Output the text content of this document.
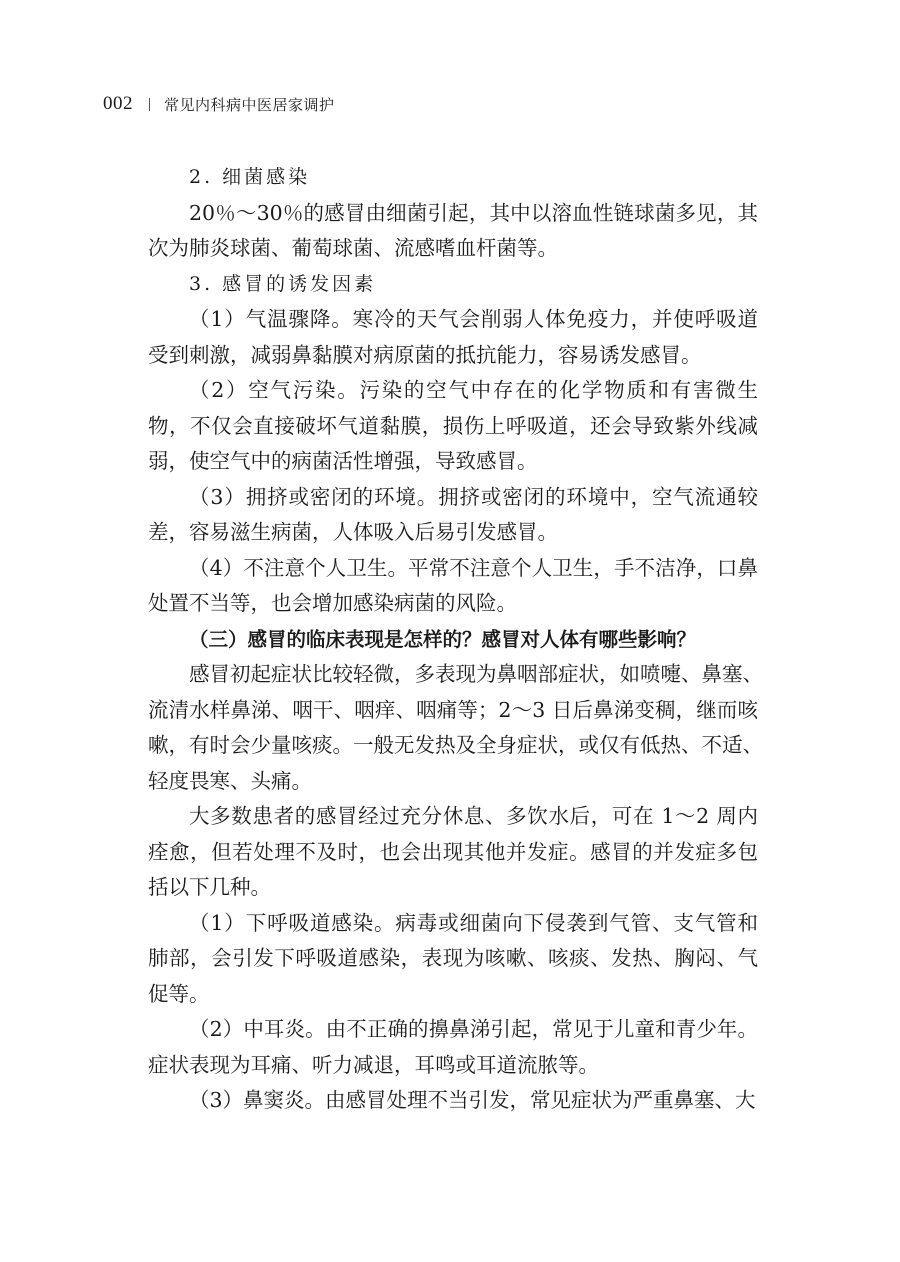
002 常见内科病中医居家调护

2. 细菌感染

20％～30％的感冒由细菌引起，其中以溶血性链球菌多见，其
次为肺炎球菌、葡萄球菌、流感嗜血杆菌等。

3. 感冒的诱发因素

（1）气温骤降。寒冷的天气会削弱人体免疫力，并使呼吸道
受到刺激，减弱鼻黏膜对病原菌的抵抗能力，容易诱发感冒。
（2）空气污染。污染的空气中存在的化学物质和有害微生
物，不仅会直接破坏气道黏膜，损伤上呼吸道，还会导致紫外线减
弱，使空气中的病菌活性增强，导致感冒。
（3）拥挤或密闭的环境。拥挤或密闭的环境中，空气流通较
差，容易滋生病菌，人体吸入后易引发感冒。
（4）不注意个人卫生。平常不注意个人卫生，手不洁净，口鼻
处置不当等，也会增加感染病菌的风险。

（三）感冒的临床表现是怎样的？感冒对人体有哪些影响？

感冒初起症状比较轻微，多表现为鼻咽部症状，如喷嚏、鼻塞、
流清水样鼻涕、咽干、咽痒、咽痛等；2～3 日后鼻涕变稠，继而咳
嗽，有时会少量咳痰。一般无发热及全身症状，或仅有低热、不适、
轻度畏寒、头痛。
大多数患者的感冒经过充分休息、多饮水后，可在 1～2 周内
痊愈，但若处理不及时，也会出现其他并发症。感冒的并发症多包
括以下几种。
（1）下呼吸道感染。病毒或细菌向下侵袭到气管、支气管和
肺部，会引发下呼吸道感染，表现为咳嗽、咳痰、发热、胸闷、气
促等。
（2）中耳炎。由不正确的擤鼻涕引起，常见于儿童和青少年。
症状表现为耳痛、听力减退，耳鸣或耳道流脓等。
（3）鼻窦炎。由感冒处理不当引发，常见症状为严重鼻塞、大
